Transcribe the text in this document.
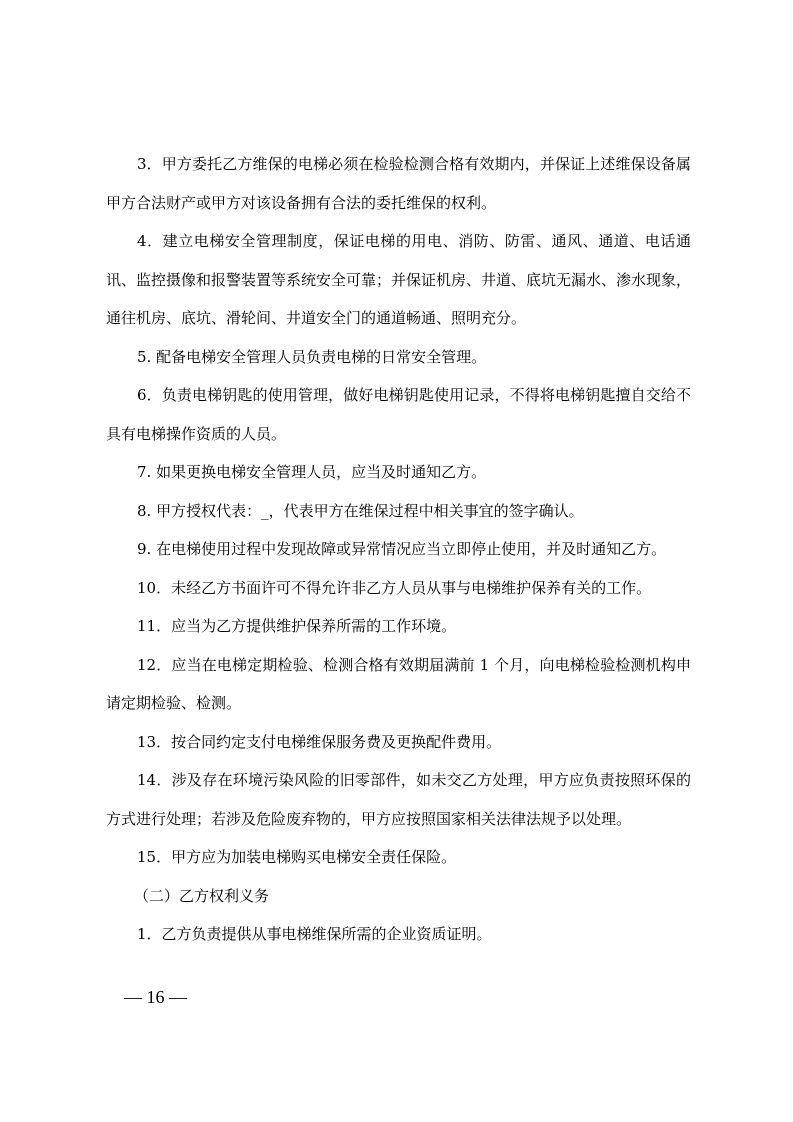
3．甲方委托乙方维保的电梯必须在检验检测合格有效期内，并保证上述维保设备属甲方合法财产或甲方对该设备拥有合法的委托维保的权利。

4．建立电梯安全管理制度，保证电梯的用电、消防、防雷、通风、通道、电话通讯、监控摄像和报警装置等系统安全可靠；并保证机房、井道、底坑无漏水、渗水现象，通往机房、底坑、滑轮间、井道安全门的通道畅通、照明充分。

5. 配备电梯安全管理人员负责电梯的日常安全管理。

6．负责电梯钥匙的使用管理，做好电梯钥匙使用记录，不得将电梯钥匙擅自交给不具有电梯操作资质的人员。

7. 如果更换电梯安全管理人员，应当及时通知乙方。

8. 甲方授权代表：_，代表甲方在维保过程中相关事宜的签字确认。

9. 在电梯使用过程中发现故障或异常情况应当立即停止使用，并及时通知乙方。

10．未经乙方书面许可不得允许非乙方人员从事与电梯维护保养有关的工作。

11．应当为乙方提供维护保养所需的工作环境。

12．应当在电梯定期检验、检测合格有效期届满前 1 个月，向电梯检验检测机构申请定期检验、检测。

13．按合同约定支付电梯维保服务费及更换配件费用。

14．涉及存在环境污染风险的旧零部件，如未交乙方处理，甲方应负责按照环保的方式进行处理；若涉及危险废弃物的，甲方应按照国家相关法律法规予以处理。

15．甲方应为加装电梯购买电梯安全责任保险。

（二）乙方权利义务

1．乙方负责提供从事电梯维保所需的企业资质证明。

— 16 —
